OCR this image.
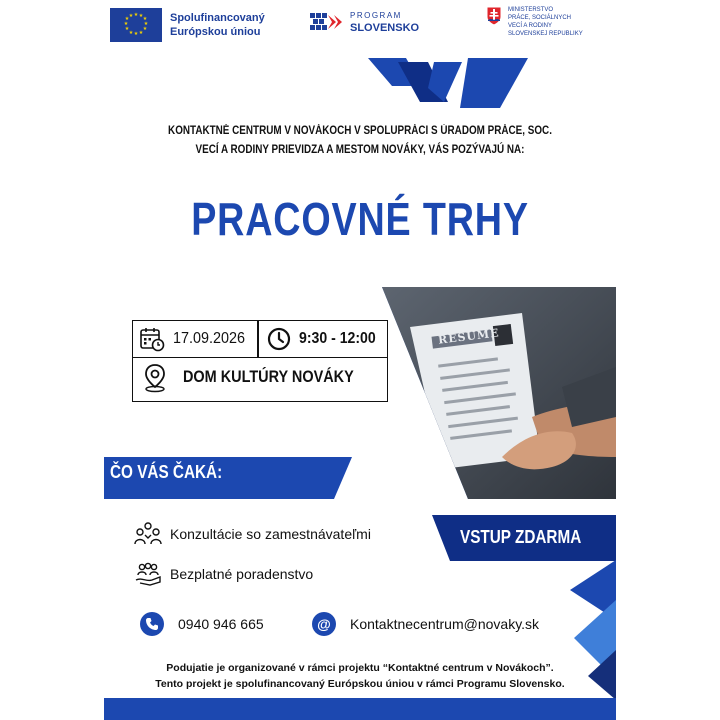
★ ★ ★
★
★
★
★
★
★
★
★ ★	Spolufinancovaný
Európskou úniou
PROGRAM
SLOVENSKO
MINISTERSTVO
PRÁCE, SOCIÁLNYCH
VECÍ A RODINY
SLOVENSKEJ REPUBLIKY
KONTAKTNÉ CENTRUM V NOVÁKOCH V SPOLUPRÁCI S ÚRADOM PRÁCE, SOC.
VECÍ A RODINY PRIEVIDZA A MESTOM NOVÁKY, VÁS POZÝVAJÚ NA:
PRACOVNÉ TRHY
RESUME
17.09.2026	9:30 - 12:00
DOM KULTÚRY NOVÁKY
ČO VÁS ČAKÁ:
VSTUP ZDARMA
Konzultácie so zamestnávateľmi
Bezplatné poradenstvo
0940 946 665	@	Kontaktnecentrum@novaky.sk
Podujatie je organizované v rámci projektu “Kontaktné centrum v Novákoch”.
Tento projekt je spolufinancovaný Európskou úniou v rámci Programu Slovensko.
